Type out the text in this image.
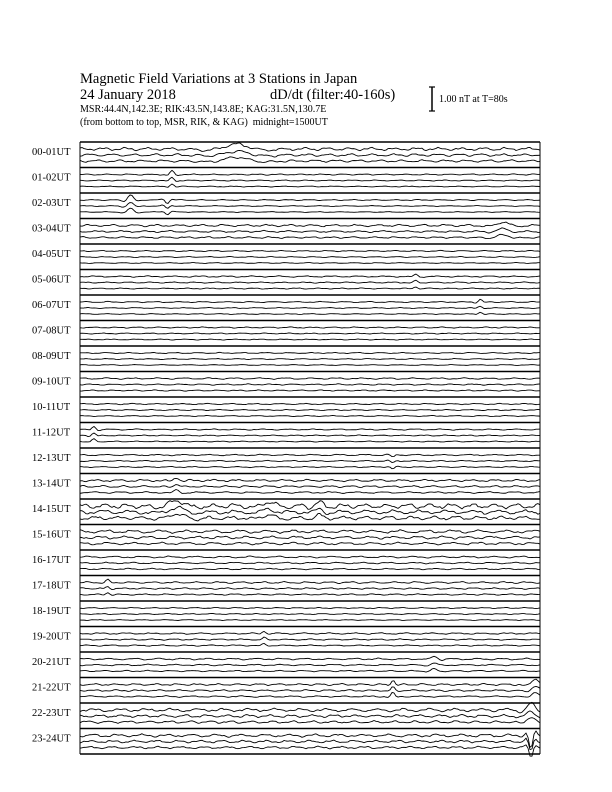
Magnetic Field Variations at 3 Stations in Japan
24 January 2018	dD/dt (filter:40-160s)
MSR:44.4N,142.3E; RIK:43.5N,143.8E; KAG:31.5N,130.7E
(from bottom to top, MSR, RIK, & KAG) midnight=1500UT
1.00 nT at T=80s
00-01UT
01-02UT
02-03UT
03-04UT
04-05UT
05-06UT
06-07UT
07-08UT
08-09UT
09-10UT
10-11UT
11-12UT
12-13UT
13-14UT
14-15UT
15-16UT
16-17UT
17-18UT
18-19UT
19-20UT
20-21UT
21-22UT
22-23UT
23-24UT
